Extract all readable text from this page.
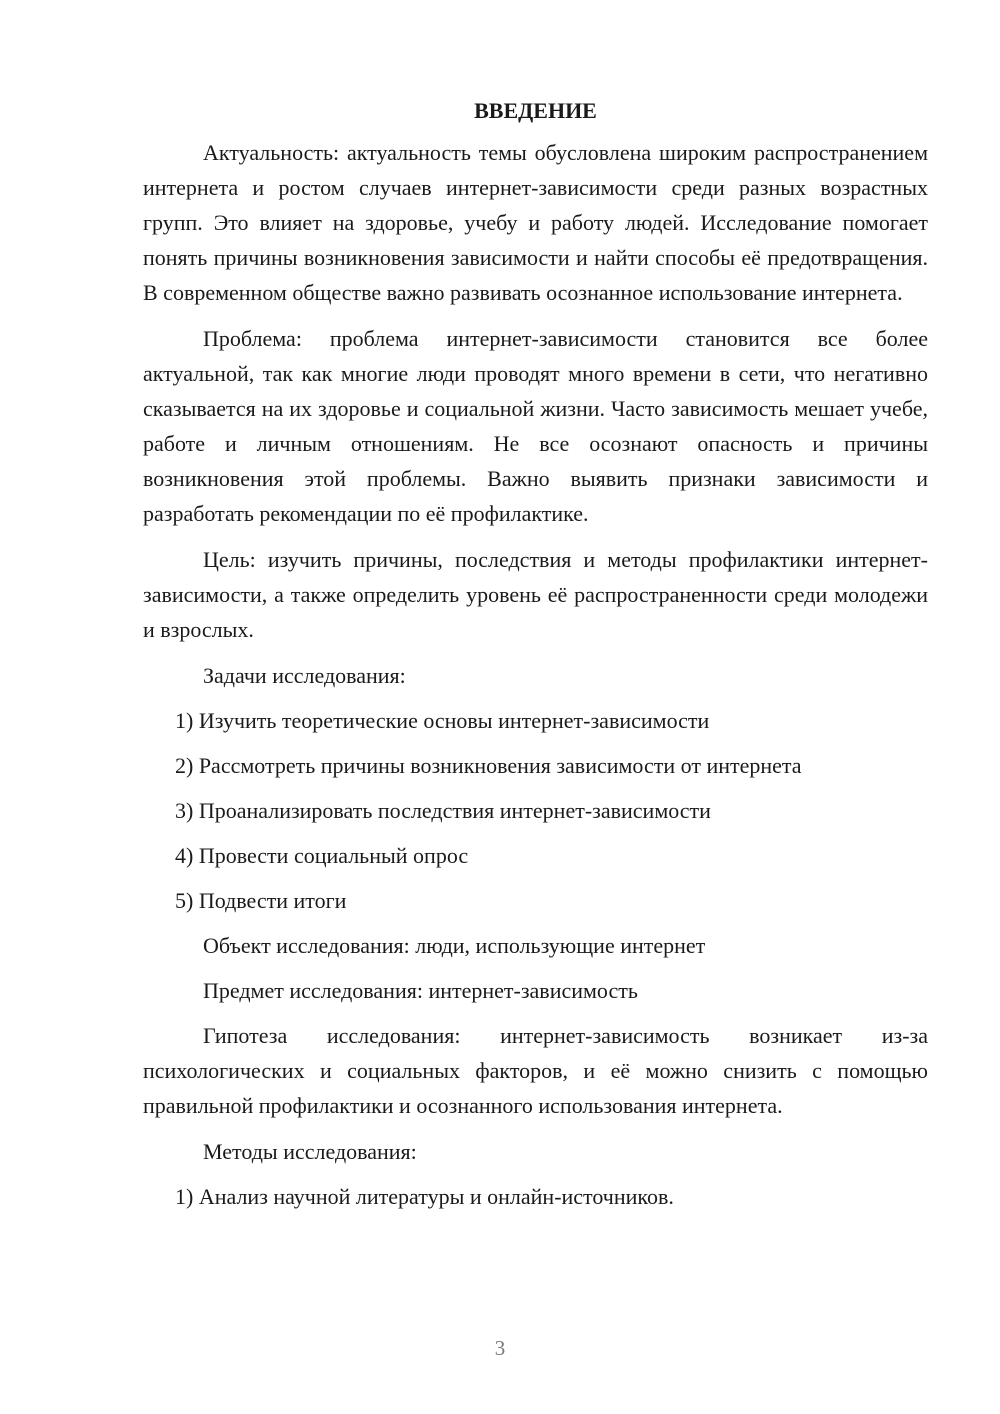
ВВЕДЕНИЕ

Актуальность: актуальность темы обусловлена широким распространением интернета и ростом случаев интернет-зависимости среди разных возрастных групп. Это влияет на здоровье, учебу и работу людей. Исследование помогает понять причины возникновения зависимости и найти способы её предотвращения. В современном обществе важно развивать осознанное использование интернета.

Проблема: проблема интернет-зависимости становится все более актуальной, так как многие люди проводят много времени в сети, что негативно сказывается на их здоровье и социальной жизни. Часто зависимость мешает учебе, работе и личным отношениям. Не все осознают опасность и причины возникновения этой проблемы. Важно выявить признаки зависимости и разработать рекомендации по её профилактике.

Цель: изучить причины, последствия и методы профилактики интернет-зависимости, а также определить уровень её распространенности среди молодежи и взрослых.

Задачи исследования:
1) Изучить теоретические основы интернет-зависимости
2) Рассмотреть причины возникновения зависимости от интернета
3) Проанализировать последствия интернет-зависимости
4) Провести социальный опрос
5) Подвести итоги
Объект исследования: люди, использующие интернет
Предмет исследования: интернет-зависимость

Гипотеза исследования: интернет-зависимость возникает из-за психологических и социальных факторов, и её можно снизить с помощью правильной профилактики и осознанного использования интернета.

Методы исследования:
1) Анализ научной литературы и онлайн-источников.
3
